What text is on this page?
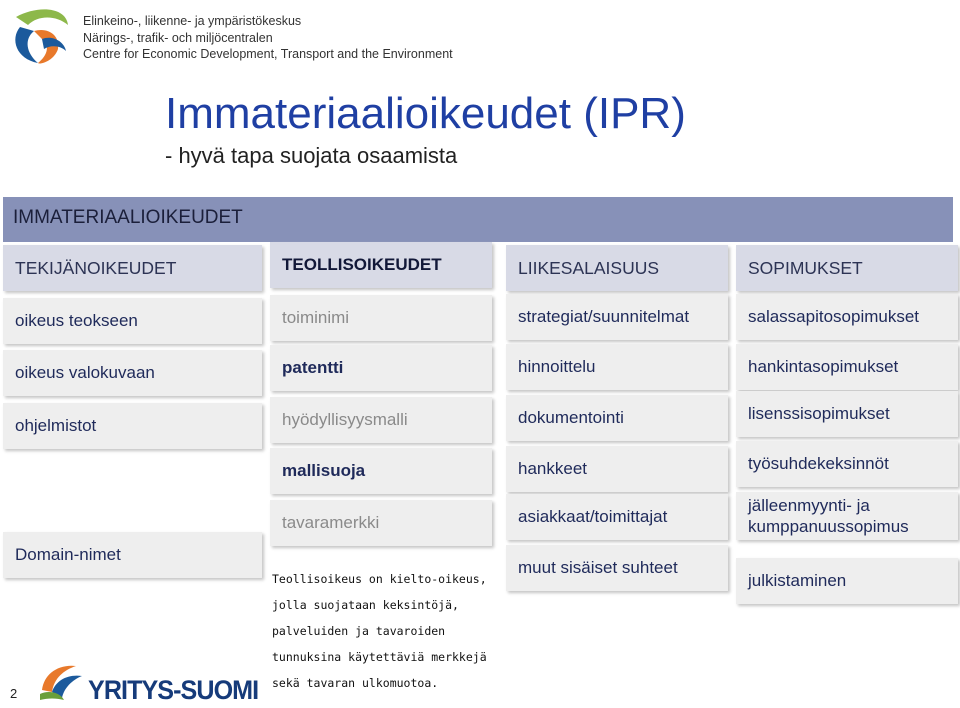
Elinkeino-, liikenne- ja ympäristökeskus
Närings-, trafik- och miljöcentralen
Centre for Economic Development, Transport and the Environment
Immateriaalioikeudet (IPR)
- hyvä tapa suojata osaamista
IMMATERIAALIOIKEUDET
TEKIJÄNOIKEUDET
oikeus teokseen
oikeus valokuvaan
ohjelmistot
Domain-nimet
TEOLLISOIKEUDET
toiminimi
patentti
hyödyllisyysmalli
mallisuoja
tavaramerkki
LIIKESALAISUUS
strategiat/suunnitelmat
hinnoittelu
dokumentointi
hankkeet
asiakkaat/toimittajat
muut sisäiset suhteet
SOPIMUKSET
salassapitosopimukset
hankintasopimukset
lisenssisopimukset
työsuhdekeksinnöt
jälleenmyynti- ja kumppanuussopimus
julkistaminen
Teollisoikeus on kielto-oikeus, jolla suojataan keksintöjä, palveluiden ja tavaroiden tunnuksina käytettäviä merkkejä sekä tavaran ulkomuotoa.
2	YRITYS-SUOMI
